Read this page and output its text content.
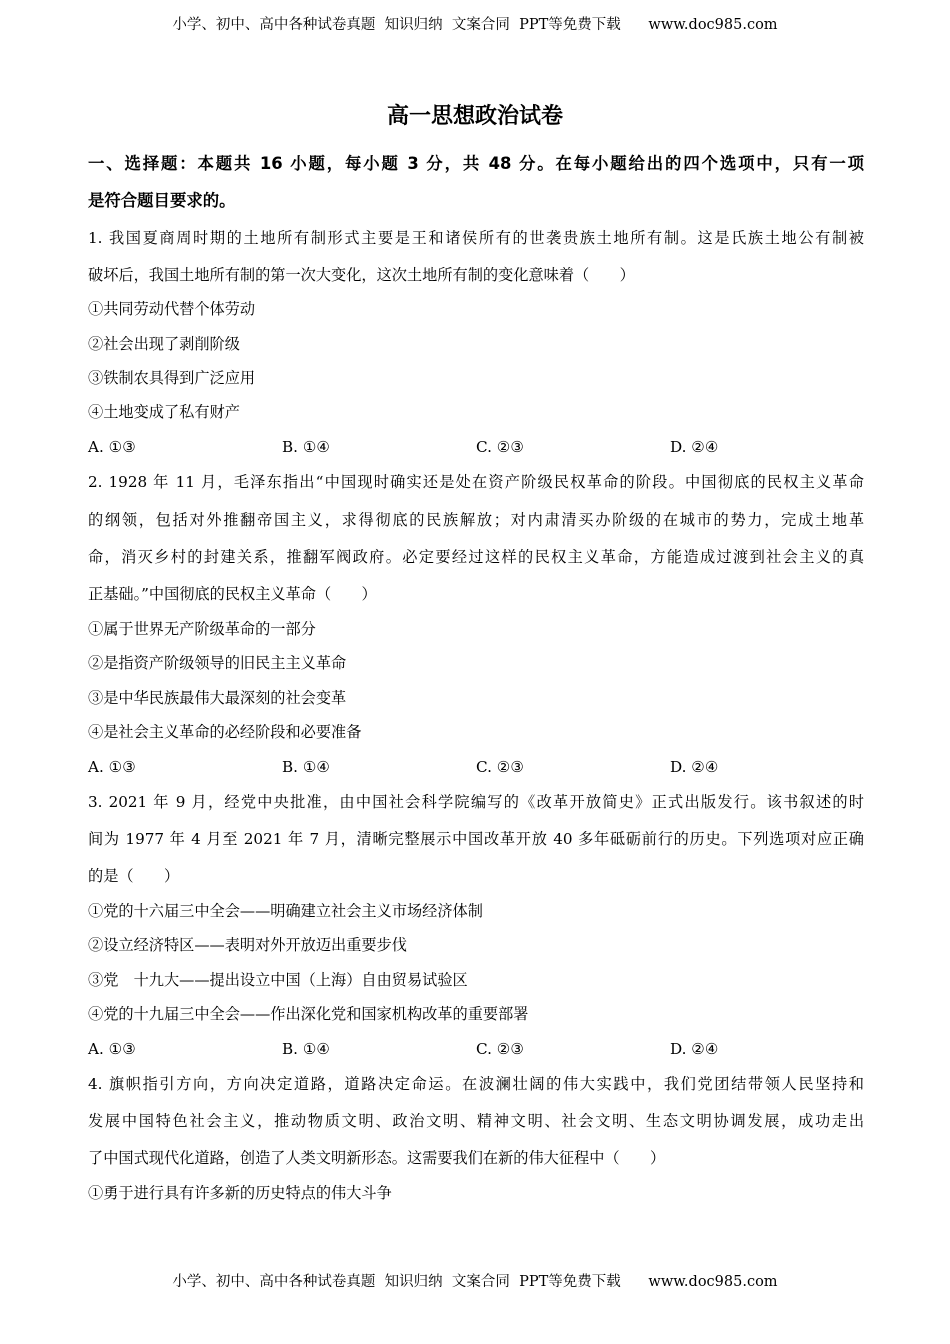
小学、初中、高中各种试卷真题  知识归纳  文案合同  PPT等免费下载      www.doc985.com
高一思想政治试卷
一、选择题：本题共 16 小题，每小题 3 分，共 48 分。在每小题给出的四个选项中，只有一项
是符合题目要求的。
1. 我国夏商周时期的土地所有制形式主要是王和诸侯所有的世袭贵族土地所有制。这是氏族土地公有制被
破坏后，我国土地所有制的第一次大变化，这次土地所有制的变化意味着（　　）
①共同劳动代替个体劳动
②社会出现了剥削阶级
③铁制农具得到广泛应用
④土地变成了私有财产
A. ①③	B. ①④	C. ②③	D. ②④
2. 1928 年 11 月，毛泽东指出“中国现时确实还是处在资产阶级民权革命的阶段。中国彻底的民权主义革命
的纲领，包括对外推翻帝国主义，求得彻底的民族解放；对内肃清买办阶级的在城市的势力，完成土地革
命，消灭乡村的封建关系，推翻军阀政府。必定要经过这样的民权主义革命，方能造成过渡到社会主义的真
正基础。”中国彻底的民权主义革命（　　）
①属于世界无产阶级革命的一部分
②是指资产阶级领导的旧民主主义革命
③是中华民族最伟大最深刻的社会变革
④是社会主义革命的必经阶段和必要准备
A. ①③	B. ①④	C. ②③	D. ②④
3. 2021 年 9 月，经党中央批准，由中国社会科学院编写的《改革开放简史》正式出版发行。该书叙述的时
间为 1977 年 4 月至 2021 年 7 月，清晰完整展示中国改革开放 40 多年砥砺前行的历史。下列选项对应正确
的是（　　）
①党的十六届三中全会——明确建立社会主义市场经济体制
②设立经济特区——表明对外开放迈出重要步伐
③党　十九大——提出设立中国（上海）自由贸易试验区
④党的十九届三中全会——作出深化党和国家机构改革的重要部署
A. ①③	B. ①④	C. ②③	D. ②④
4. 旗帜指引方向，方向决定道路，道路决定命运。在波澜壮阔的伟大实践中，我们党团结带领人民坚持和
发展中国特色社会主义，推动物质文明、政治文明、精神文明、社会文明、生态文明协调发展，成功走出
了中国式现代化道路，创造了人类文明新形态。这需要我们在新的伟大征程中（　　）
①勇于进行具有许多新的历史特点的伟大斗争
小学、初中、高中各种试卷真题  知识归纳  文案合同  PPT等免费下载      www.doc985.com
